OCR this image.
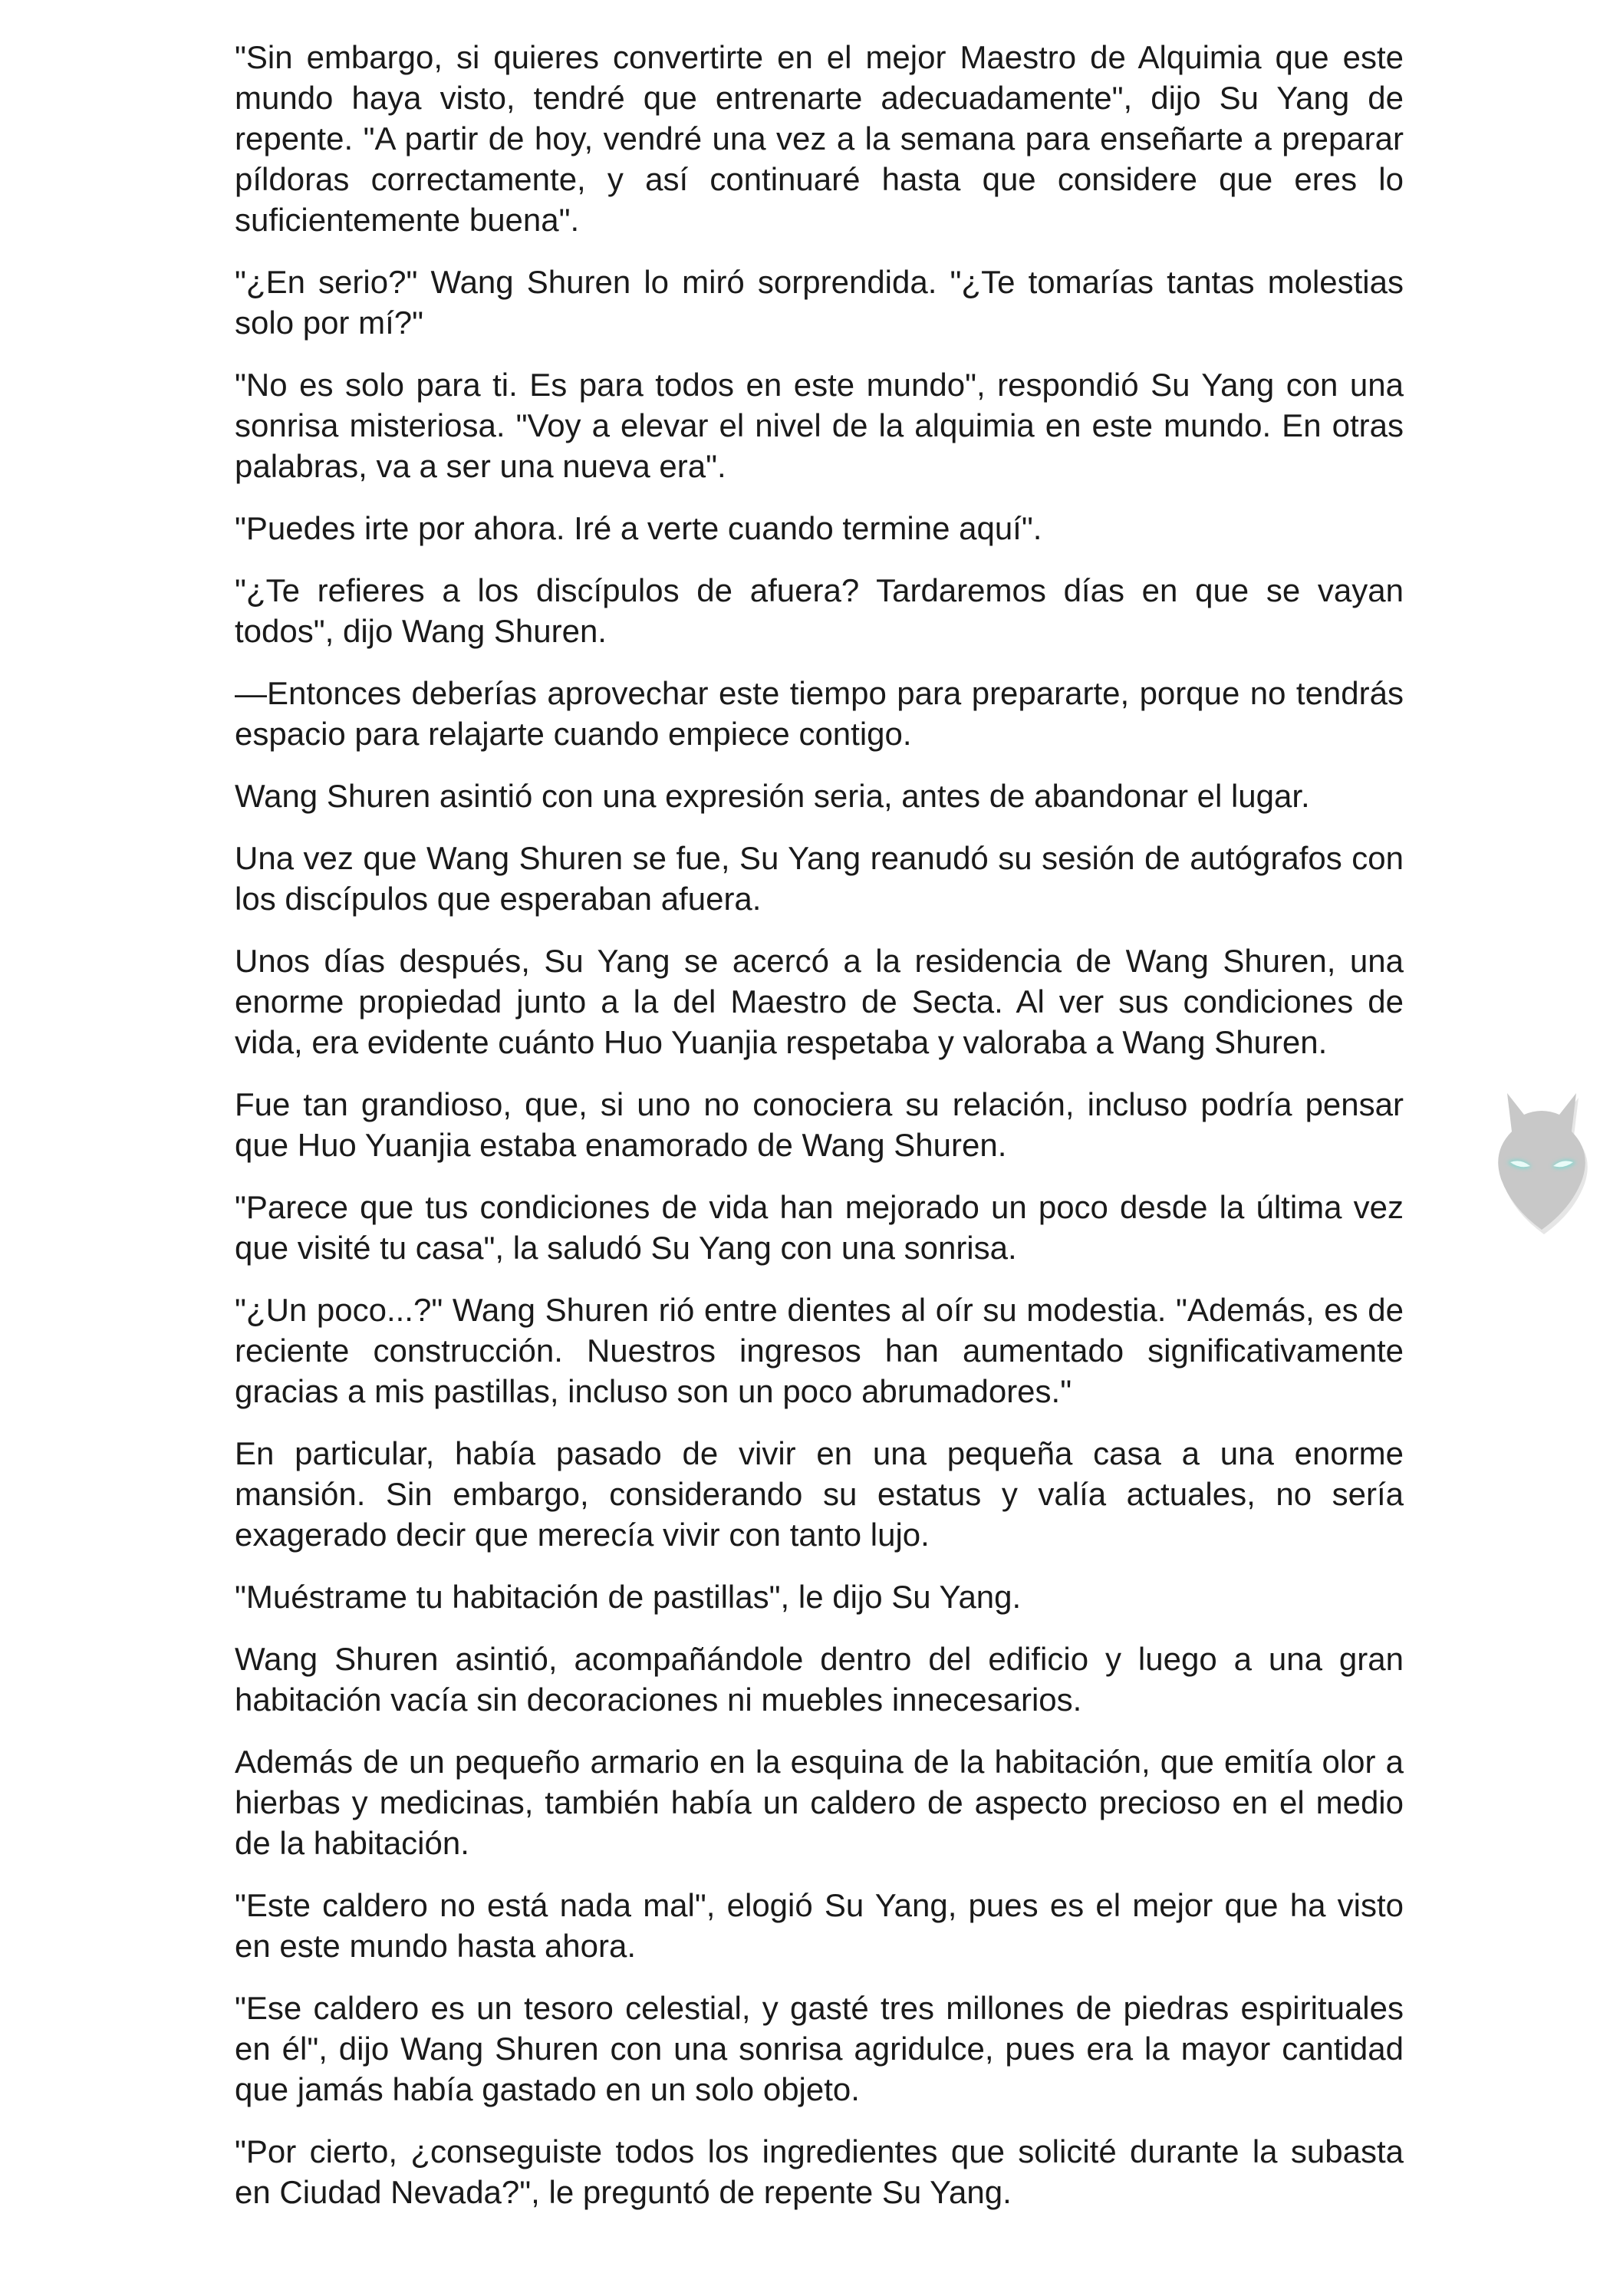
"Sin embargo, si quieres convertirte en el mejor Maestro de Alquimia que este mundo haya visto, tendré que entrenarte adecuadamente", dijo Su Yang de repente. "A partir de hoy, vendré una vez a la semana para enseñarte a preparar píldoras correctamente, y así continuaré hasta que considere que eres lo suficientemente buena".

"¿En serio?" Wang Shuren lo miró sorprendida. "¿Te tomarías tantas molestias solo por mí?"

"No es solo para ti. Es para todos en este mundo", respondió Su Yang con una sonrisa misteriosa. "Voy a elevar el nivel de la alquimia en este mundo. En otras palabras, va a ser una nueva era".

"Puedes irte por ahora. Iré a verte cuando termine aquí".

"¿Te refieres a los discípulos de afuera? Tardaremos días en que se vayan todos", dijo Wang Shuren.

—Entonces deberías aprovechar este tiempo para prepararte, porque no tendrás espacio para relajarte cuando empiece contigo.

Wang Shuren asintió con una expresión seria, antes de abandonar el lugar.

Una vez que Wang Shuren se fue, Su Yang reanudó su sesión de autógrafos con los discípulos que esperaban afuera.

Unos días después, Su Yang se acercó a la residencia de Wang Shuren, una enorme propiedad junto a la del Maestro de Secta. Al ver sus condiciones de vida, era evidente cuánto Huo Yuanjia respetaba y valoraba a Wang Shuren.

Fue tan grandioso, que, si uno no conociera su relación, incluso podría pensar que Huo Yuanjia estaba enamorado de Wang Shuren.

"Parece que tus condiciones de vida han mejorado un poco desde la última vez que visité tu casa", la saludó Su Yang con una sonrisa.

"¿Un poco...?" Wang Shuren rió entre dientes al oír su modestia. "Además, es de reciente construcción. Nuestros ingresos han aumentado significativamente gracias a mis pastillas, incluso son un poco abrumadores."

En particular, había pasado de vivir en una pequeña casa a una enorme mansión. Sin embargo, considerando su estatus y valía actuales, no sería exagerado decir que merecía vivir con tanto lujo.

"Muéstrame tu habitación de pastillas", le dijo Su Yang.

Wang Shuren asintió, acompañándole dentro del edificio y luego a una gran habitación vacía sin decoraciones ni muebles innecesarios.

Además de un pequeño armario en la esquina de la habitación, que emitía olor a hierbas y medicinas, también había un caldero de aspecto precioso en el medio de la habitación.

"Este caldero no está nada mal", elogió Su Yang, pues es el mejor que ha visto en este mundo hasta ahora.

"Ese caldero es un tesoro celestial, y gasté tres millones de piedras espirituales en él", dijo Wang Shuren con una sonrisa agridulce, pues era la mayor cantidad que jamás había gastado en un solo objeto.

"Por cierto, ¿conseguiste todos los ingredientes que solicité durante la subasta en Ciudad Nevada?", le preguntó de repente Su Yang.
